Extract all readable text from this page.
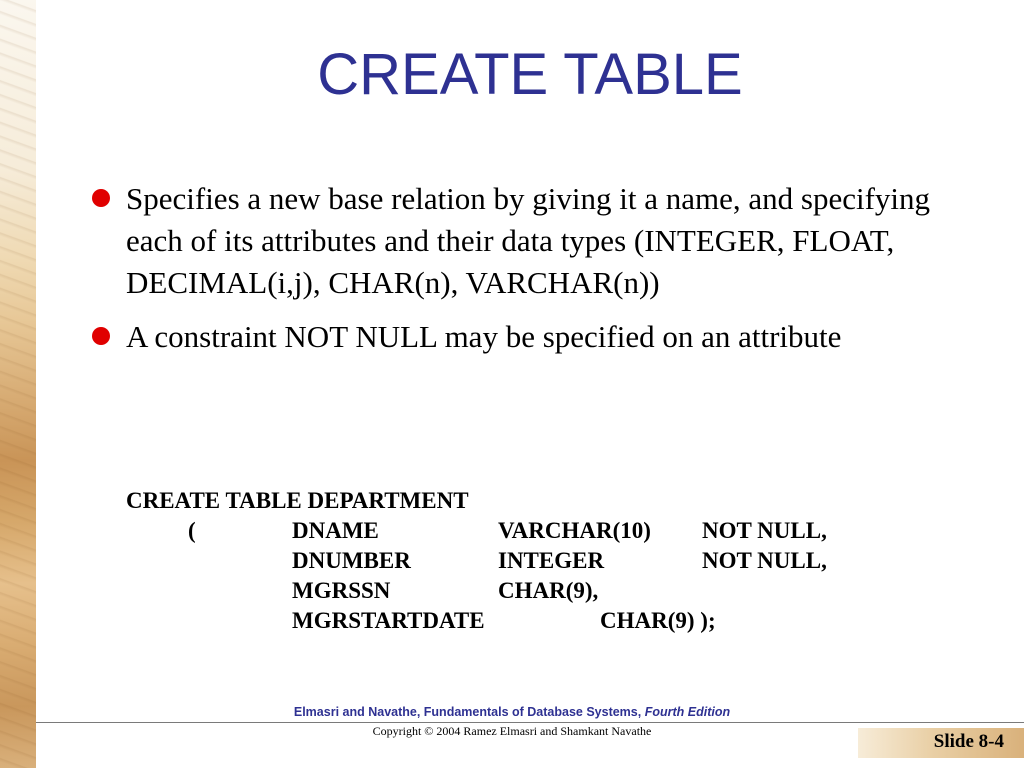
CREATE TABLE
Specifies a new base relation by giving it a name, and specifying each of its attributes and their data types (INTEGER, FLOAT, DECIMAL(i,j), CHAR(n), VARCHAR(n))
A constraint NOT NULL may be specified on an attribute
CREATE TABLE DEPARTMENT
(	DNAME	VARCHAR(10) NOT NULL,
DNUMBER	INTEGER	NOT NULL,
MGRSSN	CHAR(9),
MGRSTARTDATE	CHAR(9) );
Elmasri and Navathe, Fundamentals of Database Systems, Fourth Edition
Copyright © 2004 Ramez Elmasri and Shamkant Navathe	Slide 8-4
